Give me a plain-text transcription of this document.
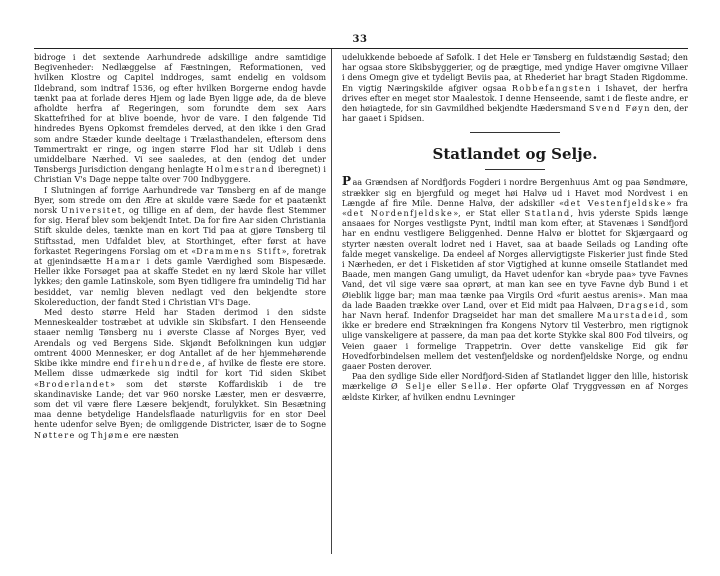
33

bidroge i det sextende Aarhundrede adskillige andre samtidige Begivenheder: Nedlæggelse af Fæstningen, Reformationen, ved hvilken Klostre og Capitel inddroges, samt endelig en voldsom Ildebrand, som indtraf 1536, og efter hvilken Borgerne endog havde tænkt paa at forlade deres Hjem og lade Byen ligge øde, da de bleve afholdte herfra af Regeringen, som forundte dem sex Aars Skattefrihed for at blive boende, hvor de vare. I den følgende Tid hindredes Byens Opkomst fremdeles derved, at den ikke i den Grad som andre Stæder kunde deeltage i Trælasthandelen, eftersom dens Tømmertrakt er ringe, og ingen større Flod har sit Udløb i dens umiddelbare Nærhed. Vi see saaledes, at den (endog det under Tønsbergs Jurisdiction dengang henlagte Holmestrand iberegnet) i Christian V's Dage neppe talte over 700 Indbyggere.

I Slutningen af forrige Aarhundrede var Tønsberg en af de mange Byer, som strede om den Ære at skulde være Sæde for et paatænkt norsk Universitet, og tillige en af dem, der havde flest Stemmer for sig. Heraf blev som bekjendt Intet. Da for fire Aar siden Christiania Stift skulde deles, tænkte man en kort Tid paa at gjøre Tønsberg til Stiftsstad, men Udfaldet blev, at Storthinget, efter først at have forkastet Regeringens Forslag om et «Drammens Stift», foretrak at gjenindsætte Hamar i dets gamle Værdighed som Bispesæde. Heller ikke Forsøget paa at skaffe Stedet en ny lærd Skole har villet lykkes; den gamle Latinskole, som Byen tidligere fra umindelig Tid har besiddet, var nemlig bleven nedlagt ved den bekjendte store Skolereduction, der fandt Sted i Christian VI's Dage.

Med desto større Held har Staden derimod i den sidste Menneskealder tostræbet at udvikle sin Skibsfart. I den Henseende staaer nemlig Tønsberg nu i øverste Classe af Norges Byer, ved Arendals og ved Bergens Side. Skjøndt Befolkningen kun udgjør omtrent 4000 Mennesker, er dog Antallet af de her hjemmehørende Skibe ikke mindre end firehundrede, af hvilke de fleste ere store. Mellem disse udmærkede sig indtil for kort Tid siden Skibet «Broderlandet» som det største Koffardiskib i de tre skandinaviske Lande; det var 960 norske Læster, men er desværre, som det vil være flere Læsere bekjendt, forulykket. Sin Besætning maa denne betydelige Handelsflaade naturligviis for en stor Deel hente udenfor selve Byen; de omliggende Districter, især de to Sogne Nøttere og Thjøme ere næsten

udelukkende beboede af Søfolk. I det Hele er Tønsberg en fuldstændig Søstad; den har ogsaa store Skibsbyggerier, og de prægtige, med yndige Haver omgivne Villaer i dens Omegn give et tydeligt Beviis paa, at Rhederiet har bragt Staden Rigdomme. En vigtig Næringskilde afgiver ogsaa Robbefangsten i Ishavet, der herfra drives efter en meget stor Maalestok. I denne Henseende, samt i de fleste andre, er den høiagtede, for sin Gavmildhed bekjendte Hædersmand Svend Føyn den, der har gaaet i Spidsen.

Statlandet og Selje.

Paa Grændsen af Nordfjords Fogderi i nordre Bergenhuus Amt og paa Søndmøre, strækker sig en bjergfuld og meget høi Halvø ud i Havet mod Nordvest i en Længde af fire Mile. Denne Halvø, der adskiller «det Vestenfjeldske» fra «det Nordenfjeldske», er Stat eller Statland, hvis yderste Spids længe ansaaes for Norges vestligste Pynt, indtil man kom efter, at Stavenæs i Søndfjord har en endnu vestligere Beliggenhed. Denne Halvø er blottet for Skjærgaard og styrter næsten overalt lodret ned i Havet, saa at baade Seilads og Landing ofte falde meget vanskelige. Da endeel af Norges allervigtigste Fiskerier just finde Sted i Nærheden, er det i Fisketiden af stor Vigtighed at kunne omseile Statlandet med Baade, men mangen Gang umuligt, da Havet udenfor kan «bryde paa» tyve Favnes Vand, det vil sige være saa oprørt, at man kan see en tyve Favne dyb Bund i et Øieblik ligge bar; man maa tænke paa Virgils Ord «furit aestus arenis». Man maa da lade Baaden trække over Land, over et Eid midt paa Halvøen, Dragseid, som har Navn heraf. Indenfor Dragseidet har man det smallere Maurstadeid, som ikke er bredere end Strækningen fra Kongens Nytorv til Vesterbro, men rigtignok ulige vanskeligere at passere, da man paa det korte Stykke skal 800 Fod tilveirs, og Veien gaaer i formelige Trappetrin. Over dette vanskelige Eid gik før Hovedforbindelsen mellem det vestenfjeldske og nordenfjeldske Norge, og endnu gaaer Posten derover.

Paa den sydlige Side eller Nordfjord-Siden af Statlandet ligger den lille, historisk mærkelige Ø Selje eller Sellø. Her opførte Olaf Tryggvessøn en af Norges ældste Kirker, af hvilken endnu Levninger
